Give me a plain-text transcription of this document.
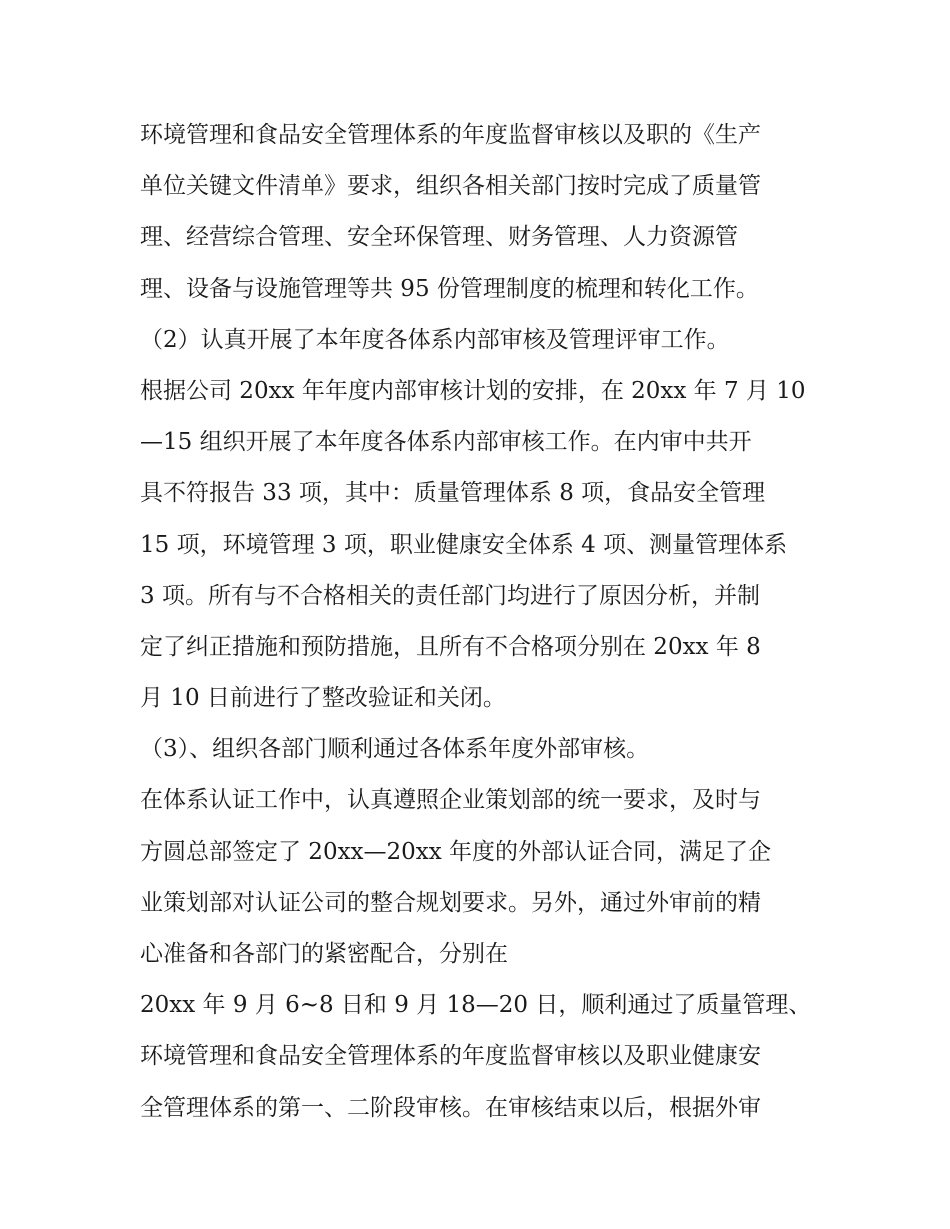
环境管理和食品安全管理体系的年度监督审核以及职的《生产
单位关键文件清单》要求，组织各相关部门按时完成了质量管
理、经营综合管理、安全环保管理、财务管理、人力资源管
理、设备与设施管理等共 95 份管理制度的梳理和转化工作。
（2）认真开展了本年度各体系内部审核及管理评审工作。
根据公司 20xx 年年度内部审核计划的安排，在 20xx 年 7 月 10
—15 组织开展了本年度各体系内部审核工作。在内审中共开
具不符报告 33 项，其中：质量管理体系 8 项，食品安全管理
15 项，环境管理 3 项，职业健康安全体系 4 项、测量管理体系
3 项。所有与不合格相关的责任部门均进行了原因分析，并制
定了纠正措施和预防措施，且所有不合格项分别在 20xx 年 8
月 10 日前进行了整改验证和关闭。
（3）、组织各部门顺利通过各体系年度外部审核。
在体系认证工作中，认真遵照企业策划部的统一要求，及时与
方圆总部签定了 20xx—20xx 年度的外部认证合同，满足了企
业策划部对认证公司的整合规划要求。另外，通过外审前的精
心准备和各部门的紧密配合，分别在
20xx 年 9 月 6~8 日和 9 月 18—20 日，顺利通过了质量管理、
环境管理和食品安全管理体系的年度监督审核以及职业健康安
全管理体系的第一、二阶段审核。在审核结束以后，根据外审
